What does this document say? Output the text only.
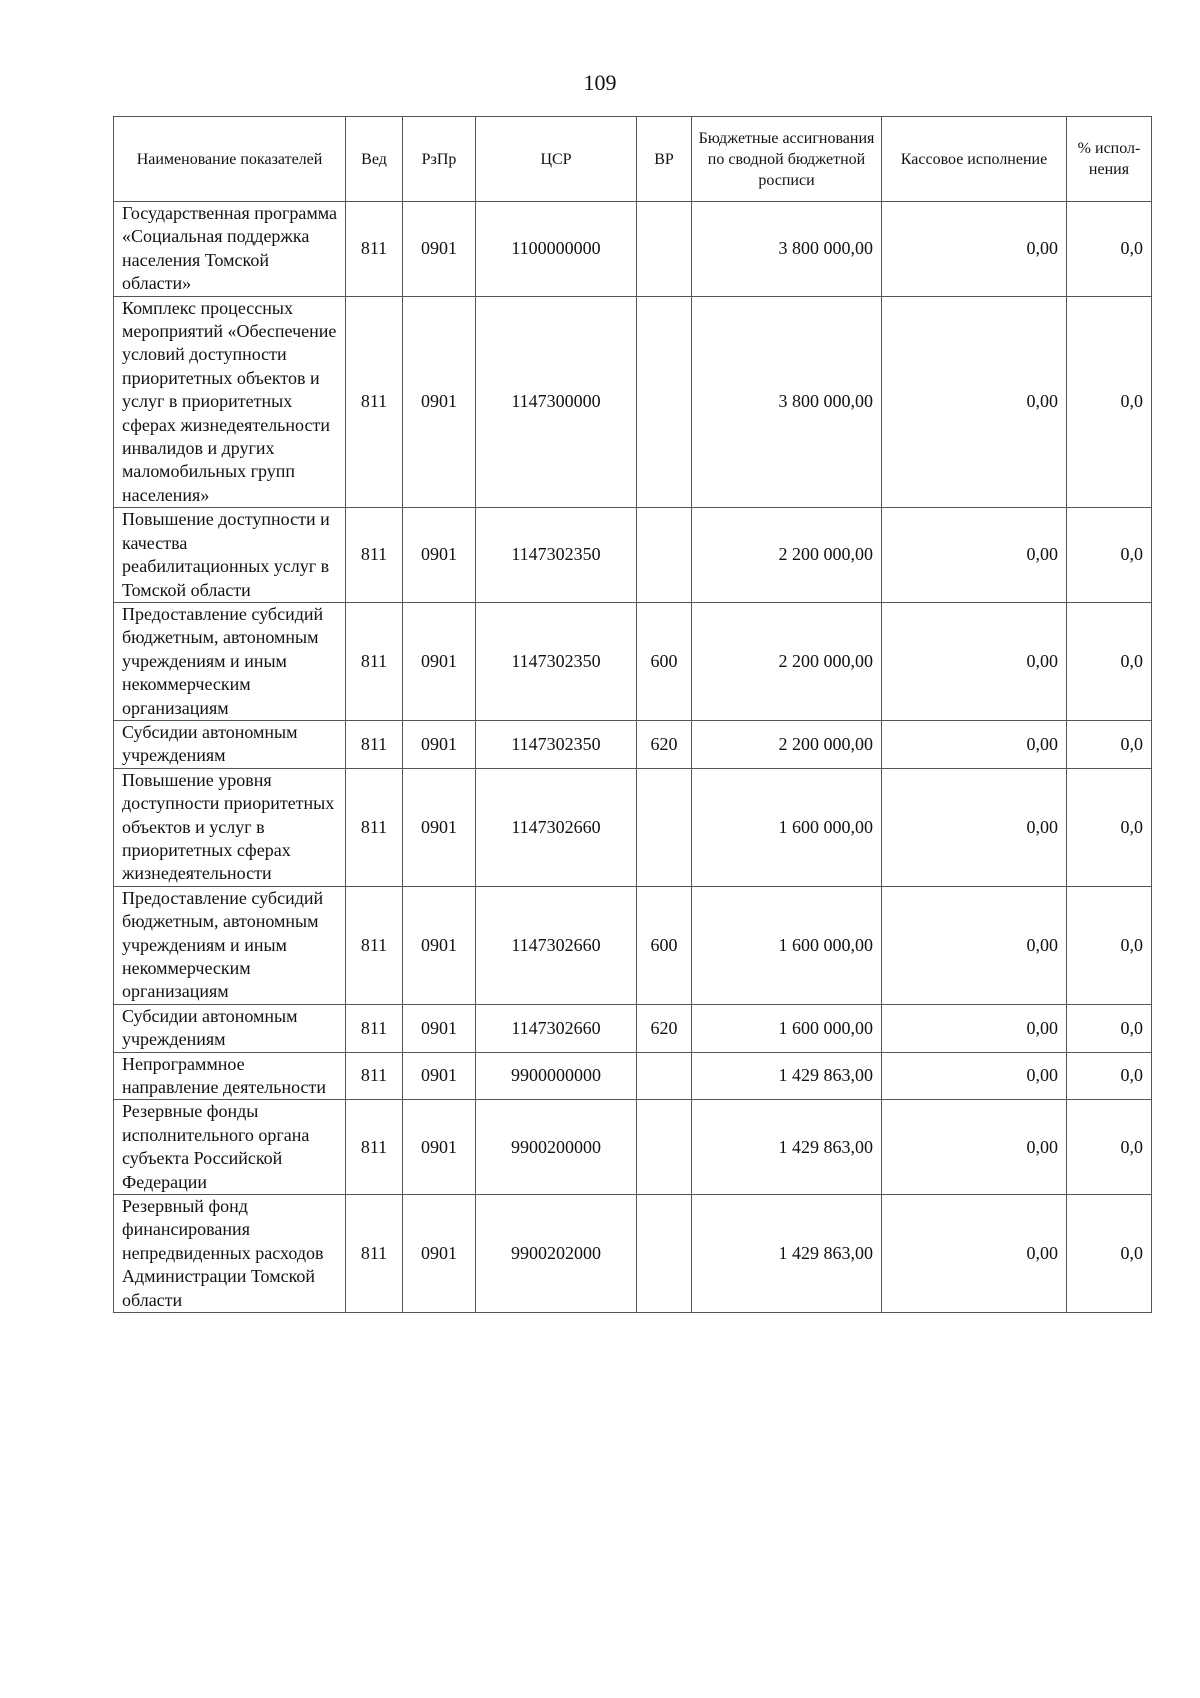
109
Наименование показателей	Вед	РзПр	ЦСР	ВР	Бюджетные ассигнования по сводной бюджетной росписи	Кассовое исполнение	% испол-нения
Государственная программа «Социальная поддержка населения Томской области»	811	0901	1100000000		3 800 000,00	0,00	0,0
Комплекс процессных мероприятий «Обеспечение условий доступности приоритетных объектов и услуг в приоритетных сферах жизнедеятельности инвалидов и других маломобильных групп населения»	811	0901	1147300000		3 800 000,00	0,00	0,0
Повышение доступности и качества реабилитационных услуг в Томской области	811	0901	1147302350		2 200 000,00	0,00	0,0
Предоставление субсидий бюджетным, автономным учреждениям и иным некоммерческим организациям	811	0901	1147302350	600	2 200 000,00	0,00	0,0
Субсидии автономным учреждениям	811	0901	1147302350	620	2 200 000,00	0,00	0,0
Повышение уровня доступности приоритетных объектов и услуг в приоритетных сферах жизнедеятельности	811	0901	1147302660		1 600 000,00	0,00	0,0
Предоставление субсидий бюджетным, автономным учреждениям и иным некоммерческим организациям	811	0901	1147302660	600	1 600 000,00	0,00	0,0
Субсидии автономным учреждениям	811	0901	1147302660	620	1 600 000,00	0,00	0,0
Непрограммное направление деятельности	811	0901	9900000000		1 429 863,00	0,00	0,0
Резервные фонды исполнительного органа субъекта Российской Федерации	811	0901	9900200000		1 429 863,00	0,00	0,0
Резервный фонд финансирования непредвиденных расходов Администрации Томской области	811	0901	9900202000		1 429 863,00	0,00	0,0
